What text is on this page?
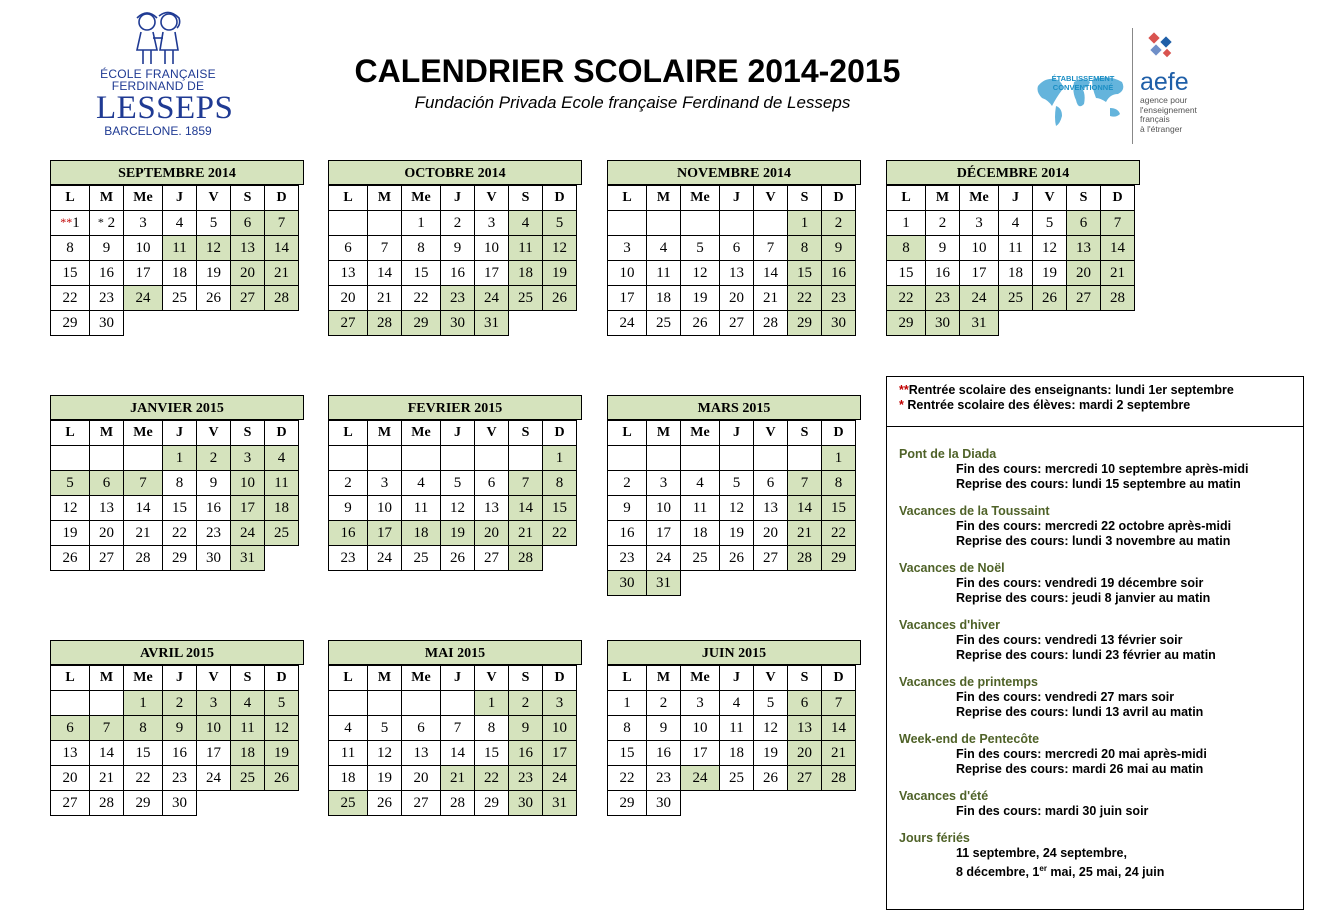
ÉCOLE FRANÇAISE
FERDINAND DE
LESSEPS
BARCELONE. 1859
CALENDRIER SCOLAIRE 2014-2015
Fundación Privada Ecole française Ferdinand de Lesseps
ÉTABLISSEMENT
CONVENTIONNÉ	aefe
agence pour
l'enseignement
français
à l'étranger
SEPTEMBRE 2014
L	M	Me	J	V	S	D
**1	* 2	3	4	5	6	7
8	9	10	11	12	13	14
15	16	17	18	19	20	21
22	23	24	25	26	27	28
29	30					
OCTOBRE 2014
L	M	Me	J	V	S	D
		1	2	3	4	5
6	7	8	9	10	11	12
13	14	15	16	17	18	19
20	21	22	23	24	25	26
27	28	29	30	31		
NOVEMBRE 2014
L	M	Me	J	V	S	D
					1	2
3	4	5	6	7	8	9
10	11	12	13	14	15	16
17	18	19	20	21	22	23
24	25	26	27	28	29	30
DÉCEMBRE 2014
L	M	Me	J	V	S	D
1	2	3	4	5	6	7
8	9	10	11	12	13	14
15	16	17	18	19	20	21
22	23	24	25	26	27	28
29	30	31				
JANVIER 2015
L	M	Me	J	V	S	D
			1	2	3	4
5	6	7	8	9	10	11
12	13	14	15	16	17	18
19	20	21	22	23	24	25
26	27	28	29	30	31	
FEVRIER 2015
L	M	Me	J	V	S	D
						1
2	3	4	5	6	7	8
9	10	11	12	13	14	15
16	17	18	19	20	21	22
23	24	25	26	27	28	
MARS 2015
L	M	Me	J	V	S	D
						1
2	3	4	5	6	7	8
9	10	11	12	13	14	15
16	17	18	19	20	21	22
23	24	25	26	27	28	29
30	31					
AVRIL 2015
L	M	Me	J	V	S	D
		1	2	3	4	5
6	7	8	9	10	11	12
13	14	15	16	17	18	19
20	21	22	23	24	25	26
27	28	29	30			
MAI 2015
L	M	Me	J	V	S	D
				1	2	3
4	5	6	7	8	9	10
11	12	13	14	15	16	17
18	19	20	21	22	23	24
25	26	27	28	29	30	31
JUIN 2015
L	M	Me	J	V	S	D
1	2	3	4	5	6	7
8	9	10	11	12	13	14
15	16	17	18	19	20	21
22	23	24	25	26	27	28
29	30					
**Rentrée scolaire des enseignants: lundi 1er septembre
* Rentrée scolaire des élèves: mardi 2 septembre
Pont de la Diada
Fin des cours: mercredi 10 septembre après-midi
Reprise des cours: lundi 15 septembre au matin
Vacances de la Toussaint
Fin des cours: mercredi 22 octobre après-midi
Reprise des cours: lundi 3 novembre au matin
Vacances de Noël
Fin des cours: vendredi 19 décembre soir
Reprise des cours: jeudi 8 janvier au matin
Vacances d'hiver
Fin des cours: vendredi 13 février soir
Reprise des cours: lundi 23 février au matin
Vacances de printemps
Fin des cours: vendredi 27 mars soir
Reprise des cours: lundi 13 avril au matin
Week-end de Pentecôte
Fin des cours: mercredi 20 mai après-midi
Reprise des cours: mardi 26 mai au matin
Vacances d'été
Fin des cours: mardi 30 juin soir
Jours fériés
11 septembre, 24 septembre,
8 décembre, 1er mai, 25 mai, 24 juin
